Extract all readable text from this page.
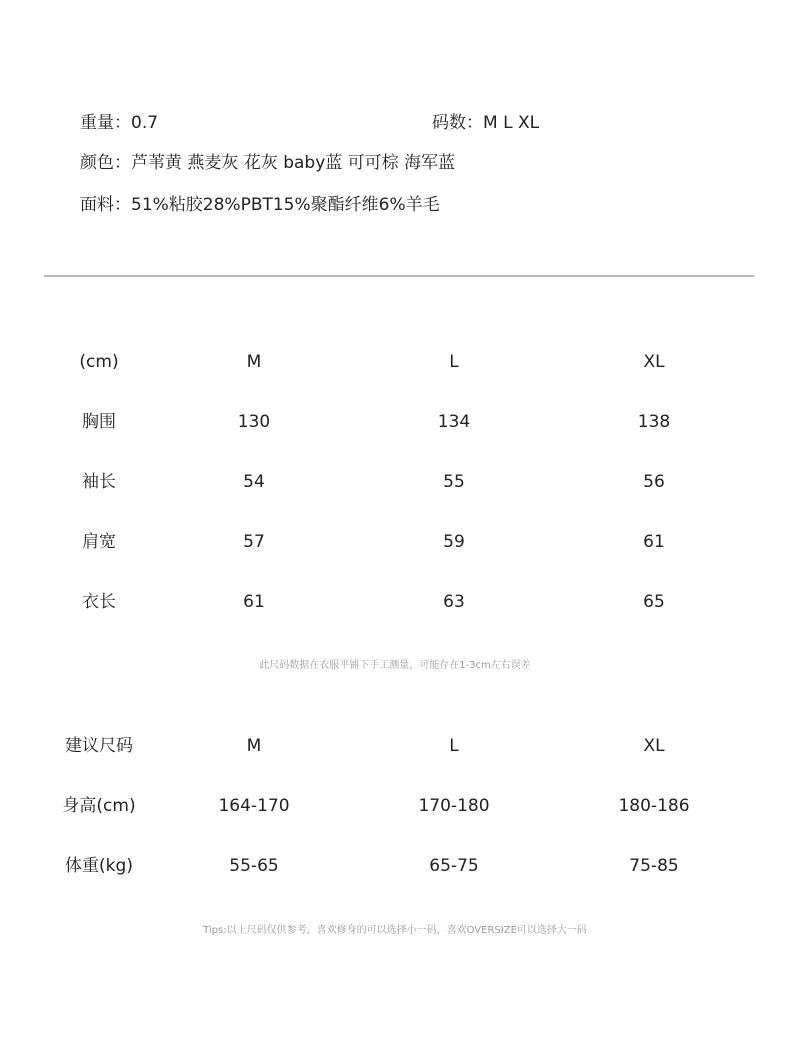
重量：0.7	码数：M L XL
颜色：芦苇黄 燕麦灰 花灰 baby蓝 可可棕 海军蓝
面料：51%粘胶28%PBT15%聚酯纤维6%羊毛
(cm)	M	L	XL
胸围	130	134	138
袖长	54	55	56
肩宽	57	59	61
衣长	61	63	65
此尺码数据在衣服平铺下手工测量，可能存在1-3cm左右误差
建议尺码	M	L	XL
身高(cm)	164-170	170-180	180-186
体重(kg)	55-65	65-75	75-85
Tips:以上尺码仅供参考，喜欢修身的可以选择小一码，喜欢OVERSIZE可以选择大一码
